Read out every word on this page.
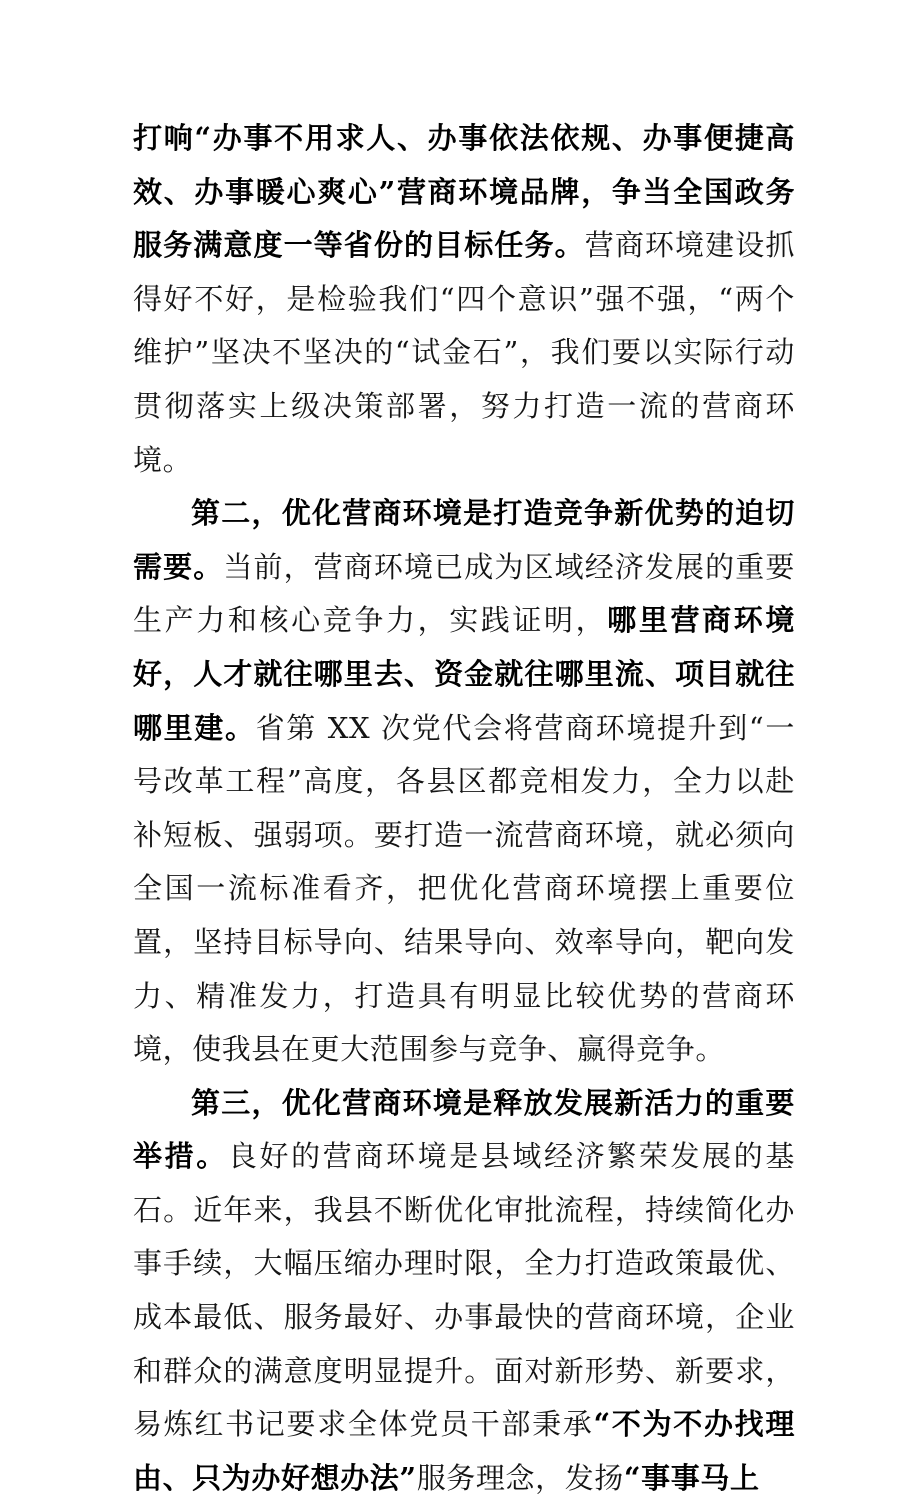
打响“办事不用求人、办事依法依规、办事便捷高效、办事暖心爽心”营商环境品牌，争当全国政务服务满意度一等省份的目标任务。营商环境建设抓得好不好，是检验我们“四个意识”强不强，“两个维护”坚决不坚决的“试金石”，我们要以实际行动贯彻落实上级决策部署，努力打造一流的营商环境。

第二，优化营商环境是打造竞争新优势的迫切需要。当前，营商环境已成为区域经济发展的重要生产力和核心竞争力，实践证明，哪里营商环境好，人才就往哪里去、资金就往哪里流、项目就往哪里建。省第 XX 次党代会将营商环境提升到“一号改革工程”高度，各县区都竞相发力，全力以赴补短板、强弱项。要打造一流营商环境，就必须向全国一流标准看齐，把优化营商环境摆上重要位置，坚持目标导向、结果导向、效率导向，靶向发力、精准发力，打造具有明显比较优势的营商环境，使我县在更大范围参与竞争、赢得竞争。

第三，优化营商环境是释放发展新活力的重要举措。良好的营商环境是县域经济繁荣发展的基石。近年来，我县不断优化审批流程，持续简化办事手续，大幅压缩办理时限，全力打造政策最优、成本最低、服务最好、办事最快的营商环境，企业和群众的满意度明显提升。面对新形势、新要求，易炼红书记要求全体党员干部秉承“不为不办找理由、只为办好想办法”服务理念，发扬“事事马上
